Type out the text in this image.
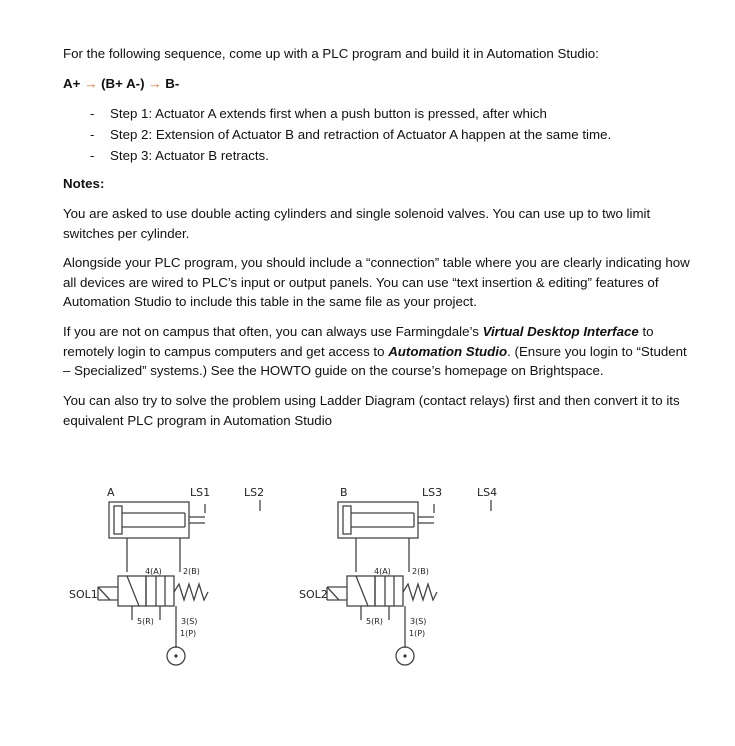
For the following sequence, come up with a PLC program and build it in Automation Studio:

A+ → (B+ A-) → B-

- Step 1: Actuator A extends first when a push button is pressed, after which
- Step 2: Extension of Actuator B and retraction of Actuator A happen at the same time.
- Step 3: Actuator B retracts.

Notes:

You are asked to use double acting cylinders and single solenoid valves. You can use up to two limit switches per cylinder.

Alongside your PLC program, you should include a “connection” table where you are clearly indicating how all devices are wired to PLC’s input or output panels. You can use “text insertion & editing” features of Automation Studio to include this table in the same file as your project.

If you are not on campus that often, you can always use Farmingdale’s Virtual Desktop Interface to remotely login to campus computers and get access to Automation Studio. (Ensure you login to “Student – Specialized” systems.) See the HOWTO guide on the course’s homepage on Brightspace.

You can also try to solve the problem using Ladder Diagram (contact relays) first and then convert it to its equivalent PLC program in Automation Studio

A	LS1	LS2
SOL1
B	LS3	LS4
SOL2
4(A)	2(B)
5(R)	3(S)
1(P)
4(A)	2(B)
5(R)	3(S)
1(P)
